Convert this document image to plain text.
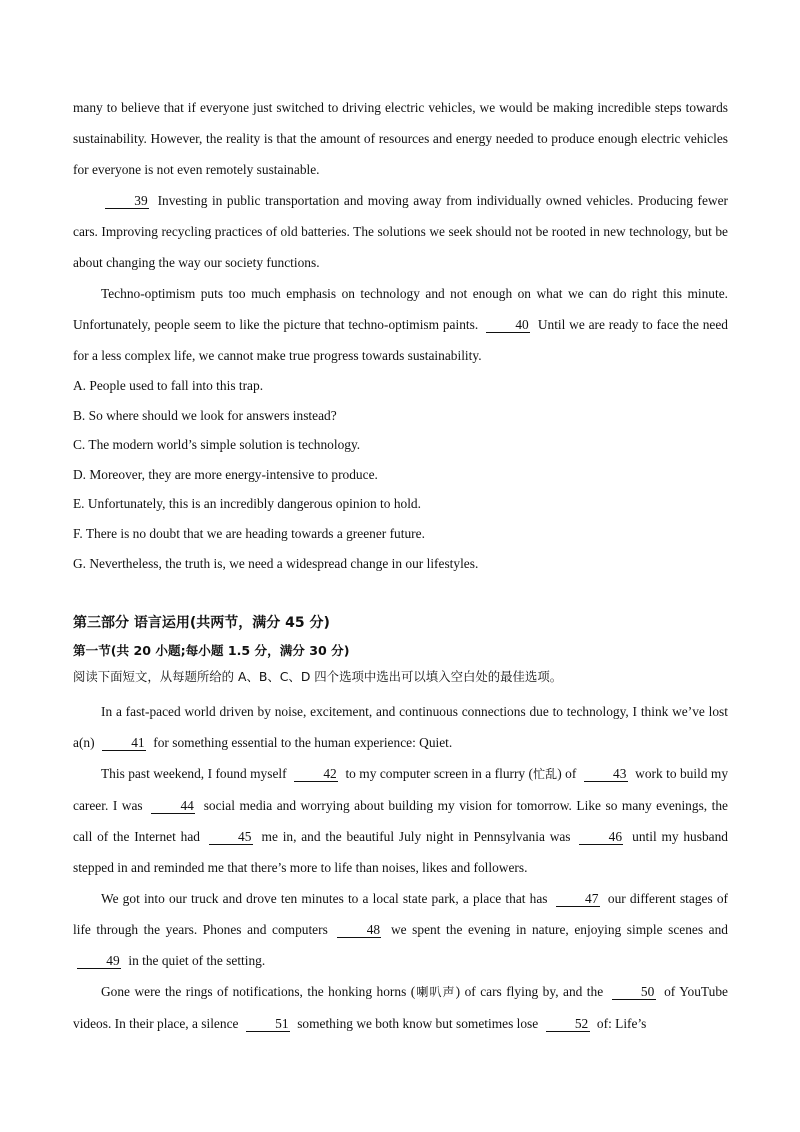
many to believe that if everyone just switched to driving electric vehicles, we would be making incredible steps towards sustainability. However, the reality is that the amount of resources and energy needed to produce enough electric vehicles for everyone is not even remotely sustainable.

39 Investing in public transportation and moving away from individually owned vehicles. Producing fewer cars. Improving recycling practices of old batteries. The solutions we seek should not be rooted in new technology, but be about changing the way our society functions.

Techno-optimism puts too much emphasis on technology and not enough on what we can do right this minute. Unfortunately, people seem to like the picture that techno-optimism paints.	40 Until we are ready to face the need for a less complex life, we cannot make true progress towards sustainability.

A. People used to fall into this trap.

B. So where should we look for answers instead?

C. The modern world’s simple solution is technology.

D. Moreover, they are more energy-intensive to produce.

E. Unfortunately, this is an incredibly dangerous opinion to hold.

F. There is no doubt that we are heading towards a greener future.

G. Nevertheless, the truth is, we need a widespread change in our lifestyles.

第三部分 语言运用(共两节，满分 45 分)

第一节(共 20 小题;每小题 1.5 分，满分 30 分)

阅读下面短文，从每题所给的 A、B、C、D 四个选项中选出可以填入空白处的最佳选项。

In a fast-paced world driven by noise, excitement, and continuous connections due to technology, I think we’ve lost a(n)	41 for something essential to the human experience: Quiet.

This past weekend, I found myself	42 to my computer screen in a flurry (忙乱) of	43 work to build my career. I was	44 social media and worrying about building my vision for tomorrow. Like so many evenings, the call of the Internet had	45 me in, and the beautiful July night in Pennsylvania was	46 until my husband stepped in and reminded me that there’s more to life than noises, likes and followers.

We got into our truck and drove ten minutes to a local state park, a place that has	47 our different stages of life through the years. Phones and computers	48 we spent the evening in nature, enjoying simple scenes and 49 in the quiet of the setting.

Gone were the rings of notifications, the honking horns (喇叭声) of cars flying by, and the	50 of YouTube videos. In their place, a silence	51 something we both know but sometimes lose	52 of: Life’s
